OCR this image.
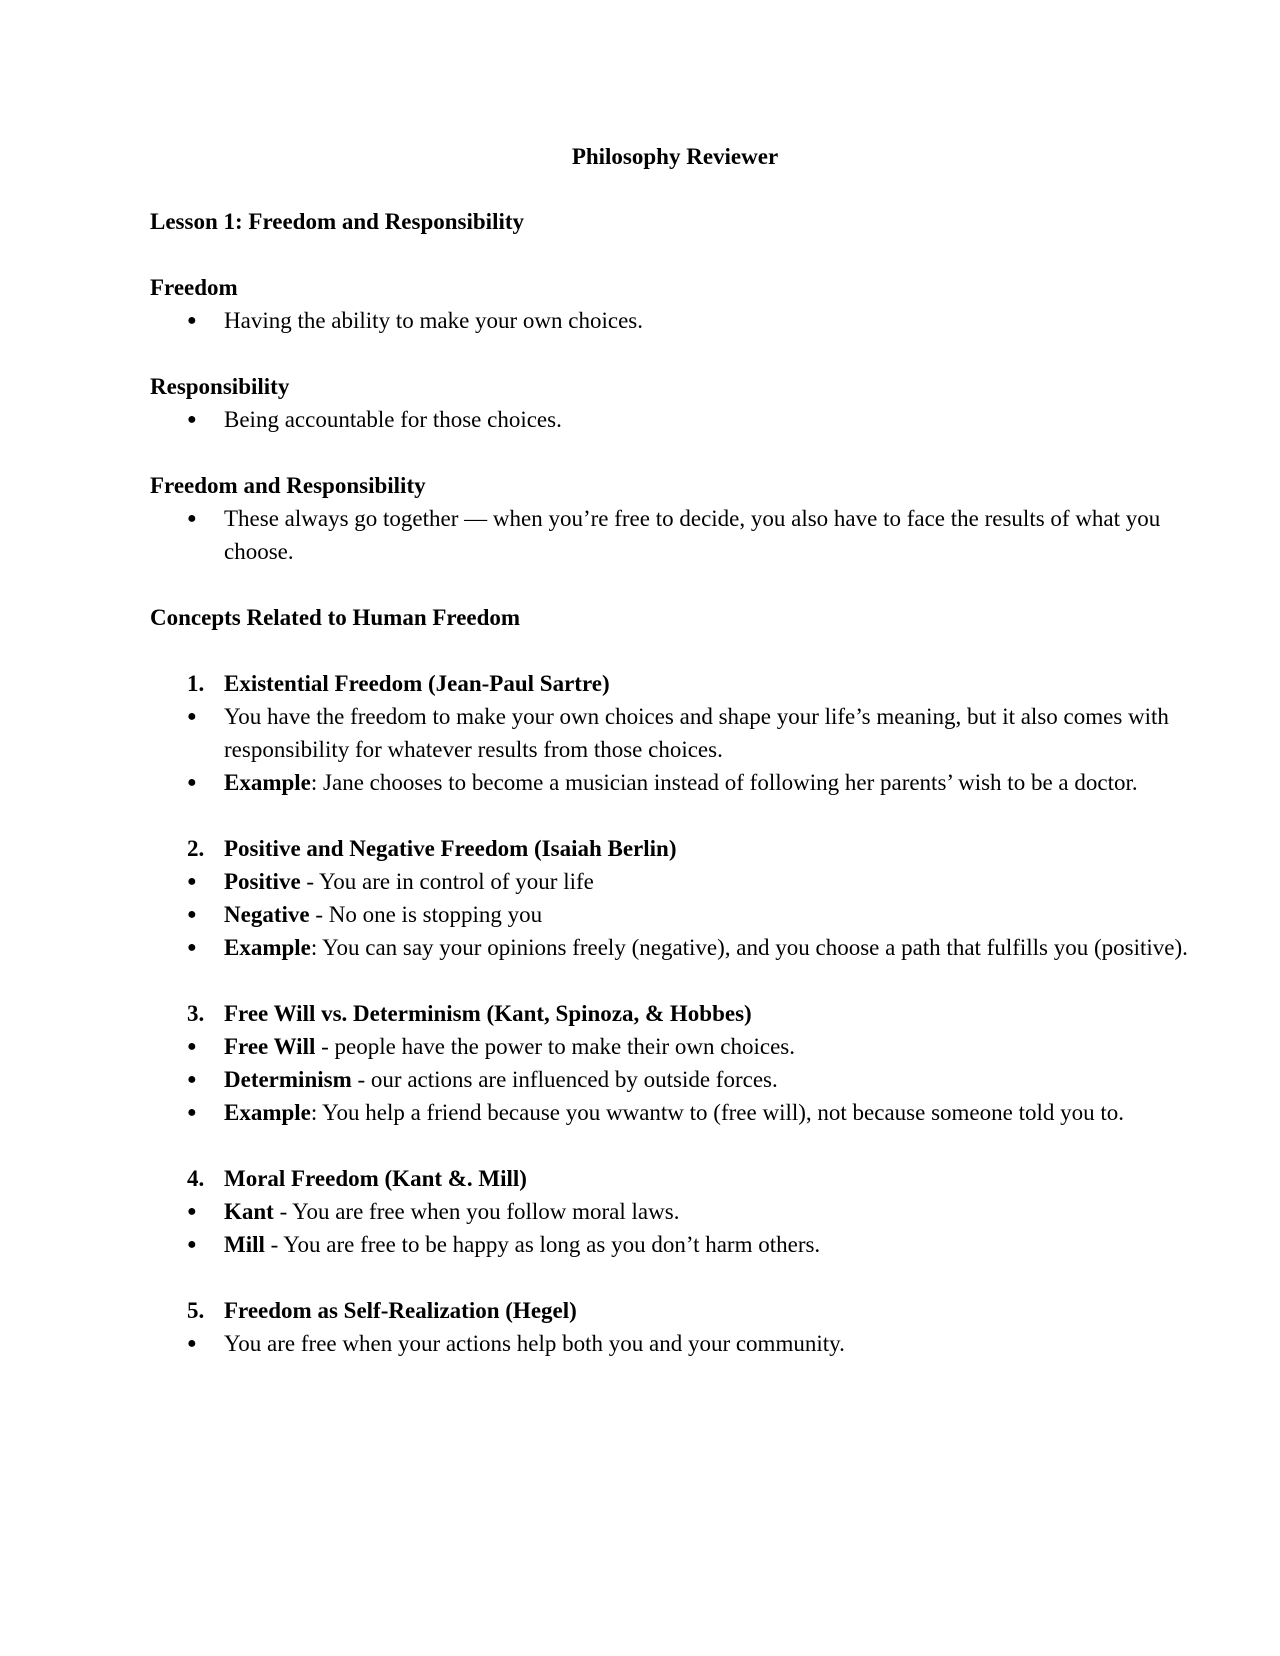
Philosophy Reviewer

Lesson 1: Freedom and Responsibility

Freedom

●	Having the ability to make your own choices.

Responsibility

●	Being accountable for those choices.

Freedom and Responsibility

●	These always go together — when you’re free to decide, you also have to face the results of what you choose.

Concepts Related to Human Freedom

1. Existential Freedom (Jean-Paul Sartre)

●	You have the freedom to make your own choices and shape your life’s meaning, but it also comes with responsibility for whatever results from those choices.

●	Example: Jane chooses to become a musician instead of following her parents’ wish to be a doctor.

2. Positive and Negative Freedom (Isaiah Berlin)

●	Positive - You are in control of your life

●	Negative - No one is stopping you

●	Example: You can say your opinions freely (negative), and you choose a path that fulfills you (positive).

3. Free Will vs. Determinism (Kant, Spinoza, & Hobbes)

●	Free Will - people have the power to make their own choices.

●	Determinism - our actions are influenced by outside forces.

●	Example: You help a friend because you wwantw to (free will), not because someone told you to.

4. Moral Freedom (Kant &. Mill)

●	Kant - You are free when you follow moral laws.

●	Mill - You are free to be happy as long as you don’t harm others.

5. Freedom as Self-Realization (Hegel)

●	You are free when your actions help both you and your community.
